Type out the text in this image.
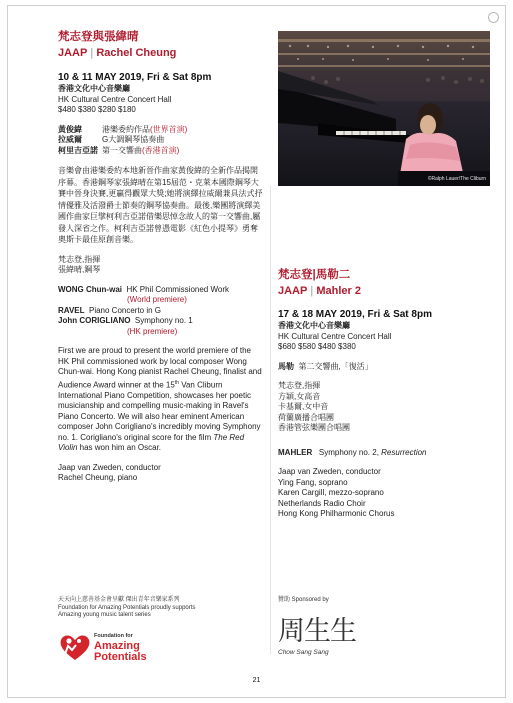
梵志登與張緯晴
JAAP | Rachel Cheung
10 & 11 MAY 2019, Fri & Sat 8pm
香港文化中心音樂廳
HK Cultural Centre Concert Hall
$480 $380 $280 $180
黃俊緯	港樂委約作品(世界首演)
拉威爾	G大調鋼琴協奏曲
柯里吉亞諾 第一交響曲(香港首演)
音樂會由港樂委約本地新晉作曲家黃俊緯的全新作品揭開序幕。香港鋼琴家張緯晴在第15屆范・克萊本國際鋼琴大賽中晉身決賽,更贏得觀眾大獎;她將演繹拉威爾兼具法式抒情優雅及活潑爵士節奏的鋼琴協奏曲。最後,樂團將演繹美國作曲家巨擘柯利吉亞諾借樂思悼念故人的第一交響曲,屬發人深省之作。柯利吉亞諾曾憑電影《紅色小提琴》勇奪奧斯卡最佳原創音樂。
梵志登,指揮
張緯晴,鋼琴
WONG Chun-wai HK Phil Commissioned Work
(World premiere)
RAVEL Piano Concerto in G
John CORIGLIANO Symphony no. 1
(HK premiere)
First we are proud to present the world premiere of the HK Phil commissioned work by local composer Wong Chun-wai. Hong Kong pianist Rachel Cheung, finalist and Audience Award winner at the 15th Van Cliburn International Piano Competition, showcases her poetic musicianship and compelling music-making in Ravel's Piano Concerto. We will also hear eminent American composer John Corigliano's incredibly moving Symphony no. 1. Corigliano's original score for the film The Red Violin has won him an Oscar.
Jaap van Zweden, conductor
Rachel Cheung, piano
©Ralph Lauer/The Cliburn
梵志登|馬勒二
JAAP | Mahler 2
17 & 18 MAY 2019, Fri & Sat 8pm
香港文化中心音樂廳
HK Cultural Centre Concert Hall
$680 $580 $480 $380
馬勒 第二交響曲,「復活」
梵志登,指揮
方穎,女高音
卡基爾,女中音
荷蘭廣播合唱團
香港管弦樂團合唱團
MAHLER Symphony no. 2, Resurrection
Jaap van Zweden, conductor
Ying Fang, soprano
Karen Cargill, mezzo-soprano
Netherlands Radio Choir
Hong Kong Philharmonic Chorus
天天向上慈善基金會呈獻 傑出青年音樂家系列
Foundation for Amazing Potentials proudly supports
Amazing young music talent series
Foundation for
Amazing
Potentials
贊助 Sponsored by
周生生
Chow Sang Sang
21
